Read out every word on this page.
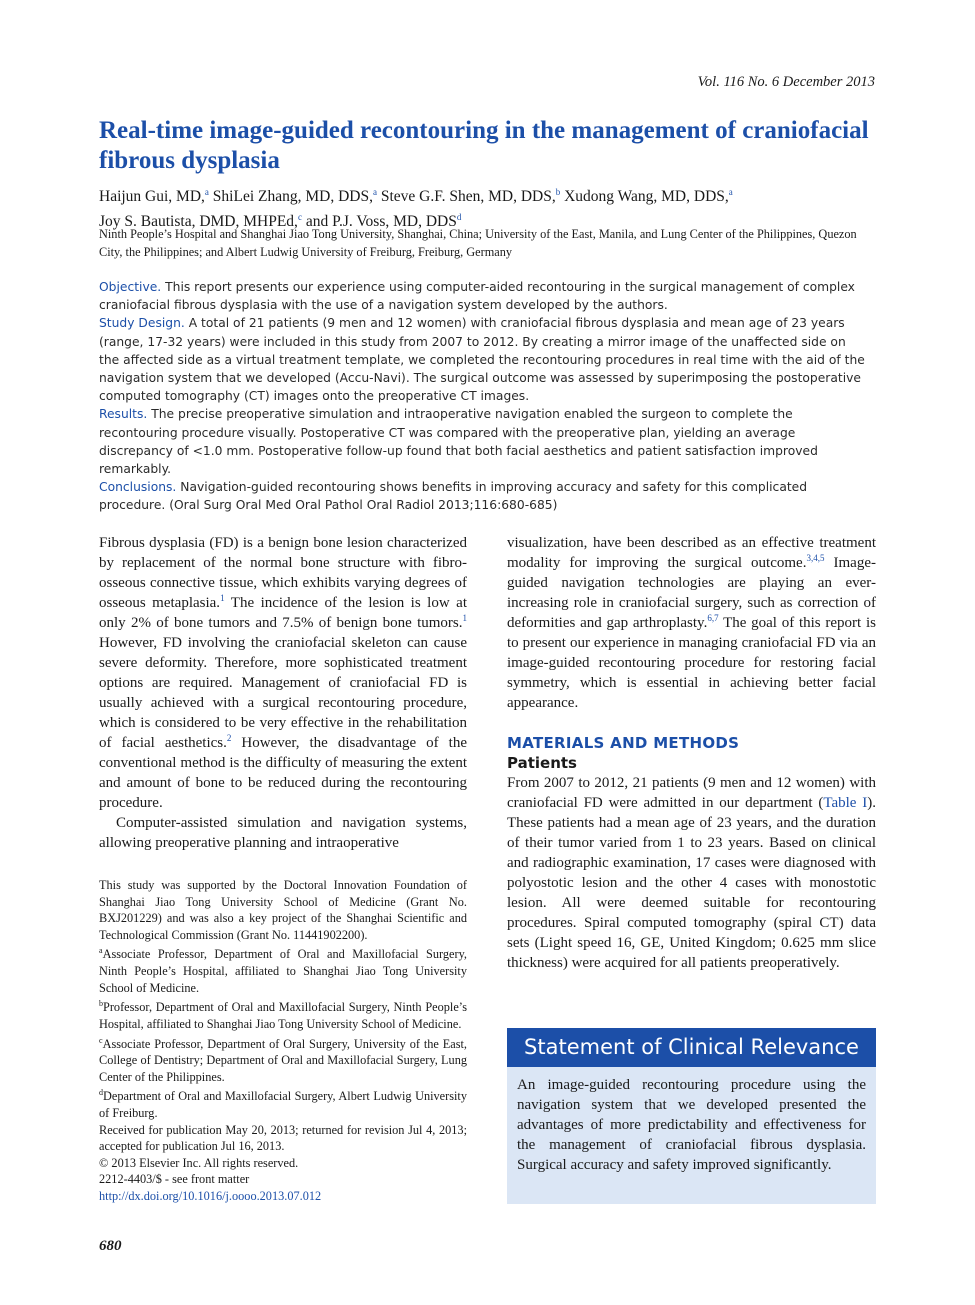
Vol. 116 No. 6 December 2013
Real-time image-guided recontouring in the management of craniofacial fibrous dysplasia
Haijun Gui, MD,$^a$ ShiLei Zhang, MD, DDS,$^a$ Steve G.F. Shen, MD, DDS,$^b$ Xudong Wang, MD, DDS,$^a$
Joy S. Bautista, DMD, MHPEd,$^c$ and P.J. Voss, MD, DDS$^d$
Ninth People’s Hospital and Shanghai Jiao Tong University, Shanghai, China; University of the East, Manila, and Lung Center of the Philippines, Quezon City, the Philippines; and Albert Ludwig University of Freiburg, Freiburg, Germany

Objective. This report presents our experience using computer-aided recontouring in the surgical management of complex craniofacial fibrous dysplasia with the use of a navigation system developed by the authors.

Study Design. A total of 21 patients (9 men and 12 women) with craniofacial fibrous dysplasia and mean age of 23 years (range, 17-32 years) were included in this study from 2007 to 2012. By creating a mirror image of the unaffected side on the affected side as a virtual treatment template, we completed the recontouring procedures in real time with the aid of the navigation system that we developed (Accu-Navi). The surgical outcome was assessed by superimposing the postoperative computed tomography (CT) images onto the preoperative CT images.

Results. The precise preoperative simulation and intraoperative navigation enabled the surgeon to complete the recontouring procedure visually. Postoperative CT was compared with the preoperative plan, yielding an average discrepancy of <1.0 mm. Postoperative follow-up found that both facial aesthetics and patient satisfaction improved remarkably.

Conclusions. Navigation-guided recontouring shows benefits in improving accuracy and safety for this complicated procedure. (Oral Surg Oral Med Oral Pathol Oral Radiol 2013;116:680-685)

Fibrous dysplasia (FD) is a benign bone lesion characterized by replacement of the normal bone structure with fibro-osseous connective tissue, which exhibits varying degrees of osseous metaplasia.$^1$ The incidence of the lesion is low at only 2% of bone tumors and 7.5% of benign bone tumors.$^1$ However, FD involving the craniofacial skeleton can cause severe deformity. Therefore, more sophisticated treatment options are required. Management of craniofacial FD is usually achieved with a surgical recontouring procedure, which is considered to be very effective in the rehabilitation of facial aesthetics.$^2$ However, the disadvantage of the conventional method is the difficulty of measuring the extent and amount of bone to be reduced during the recontouring procedure.

Computer-assisted simulation and navigation systems, allowing preoperative planning and intraoperative

This study was supported by the Doctoral Innovation Foundation of Shanghai Jiao Tong University School of Medicine (Grant No. BXJ201229) and was also a key project of the Shanghai Scientific and Technological Commission (Grant No. 11441902200).

$^a$Associate Professor, Department of Oral and Maxillofacial Surgery, Ninth People’s Hospital, affiliated to Shanghai Jiao Tong University School of Medicine.

$^b$Professor, Department of Oral and Maxillofacial Surgery, Ninth People’s Hospital, affiliated to Shanghai Jiao Tong University School of Medicine.

$^c$Associate Professor, Department of Oral Surgery, University of the East, College of Dentistry; Department of Oral and Maxillofacial Surgery, Lung Center of the Philippines.

$^d$Department of Oral and Maxillofacial Surgery, Albert Ludwig University of Freiburg.

Received for publication May 20, 2013; returned for revision Jul 4, 2013; accepted for publication Jul 16, 2013.

© 2013 Elsevier Inc. All rights reserved.

2212-4403/$ - see front matter

http://dx.doi.org/10.1016/j.oooo.2013.07.012

visualization, have been described as an effective treatment modality for improving the surgical outcome.$^{3,4,5}$ Image-guided navigation technologies are playing an ever-increasing role in craniofacial surgery, such as correction of deformities and gap arthroplasty.$^{6,7}$ The goal of this report is to present our experience in managing craniofacial FD via an image-guided recontouring procedure for restoring facial symmetry, which is essential in achieving better facial appearance.

MATERIALS AND METHODS

Patients

From 2007 to 2012, 21 patients (9 men and 12 women) with craniofacial FD were admitted in our department (Table I). These patients had a mean age of 23 years, and the duration of their tumor varied from 1 to 23 years. Based on clinical and radiographic examination, 17 cases were diagnosed with polyostotic lesion and the other 4 cases with monostotic lesion. All were deemed suitable for recontouring procedures. Spiral computed tomography (spiral CT) data sets (Light speed 16, GE, United Kingdom; 0.625 mm slice thickness) were acquired for all patients preoperatively.

Statement of Clinical Relevance
An image-guided recontouring procedure using the navigation system that we developed presented the advantages of more predictability and effectiveness for the management of craniofacial fibrous dysplasia. Surgical accuracy and safety improved significantly.
680
